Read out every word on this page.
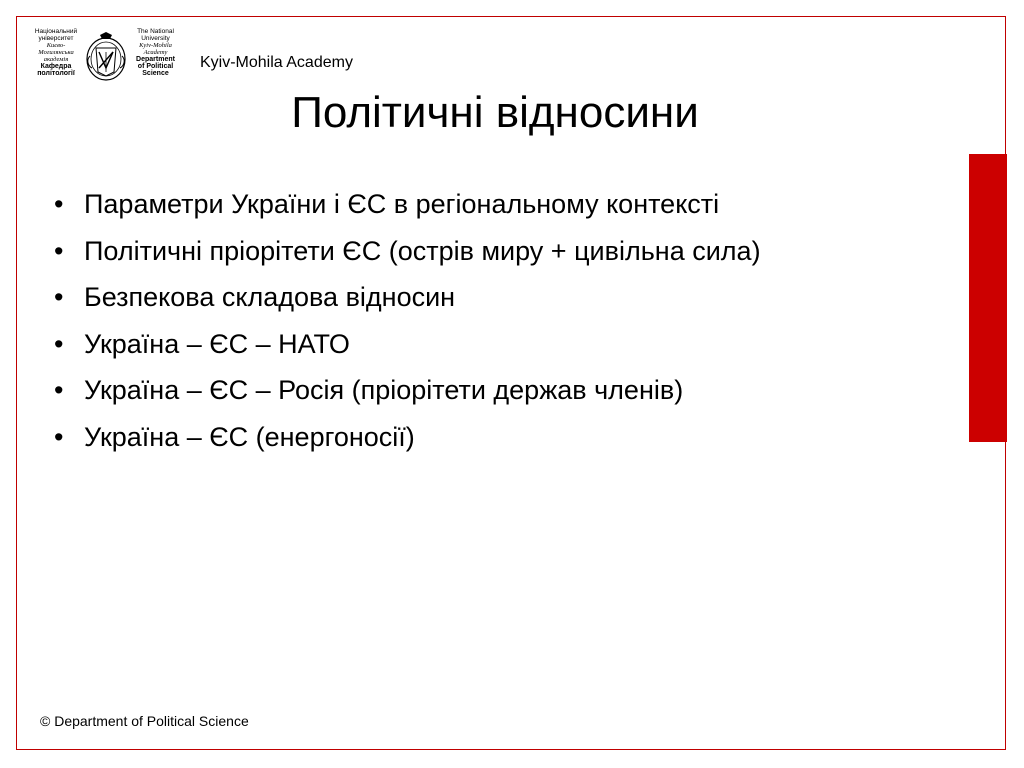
Національний
університет
Києво-
Могилянська
академія
Кафедра
політології
The National
University
Kyiv-Mohila
Academy
Department
of Political
Science
Kyiv-Mohila Academy
Політичні відносини
• Параметри України і ЄС в регіональному контексті
• Політичні пріорітети ЄС (острів миру + цивільна сила)
• Безпекова складова відносин
• Україна – ЄС – НАТО
• Україна – ЄС – Росія (пріорітети держав членів)
• Україна – ЄС (енергоносії)
© Department of Political Science
